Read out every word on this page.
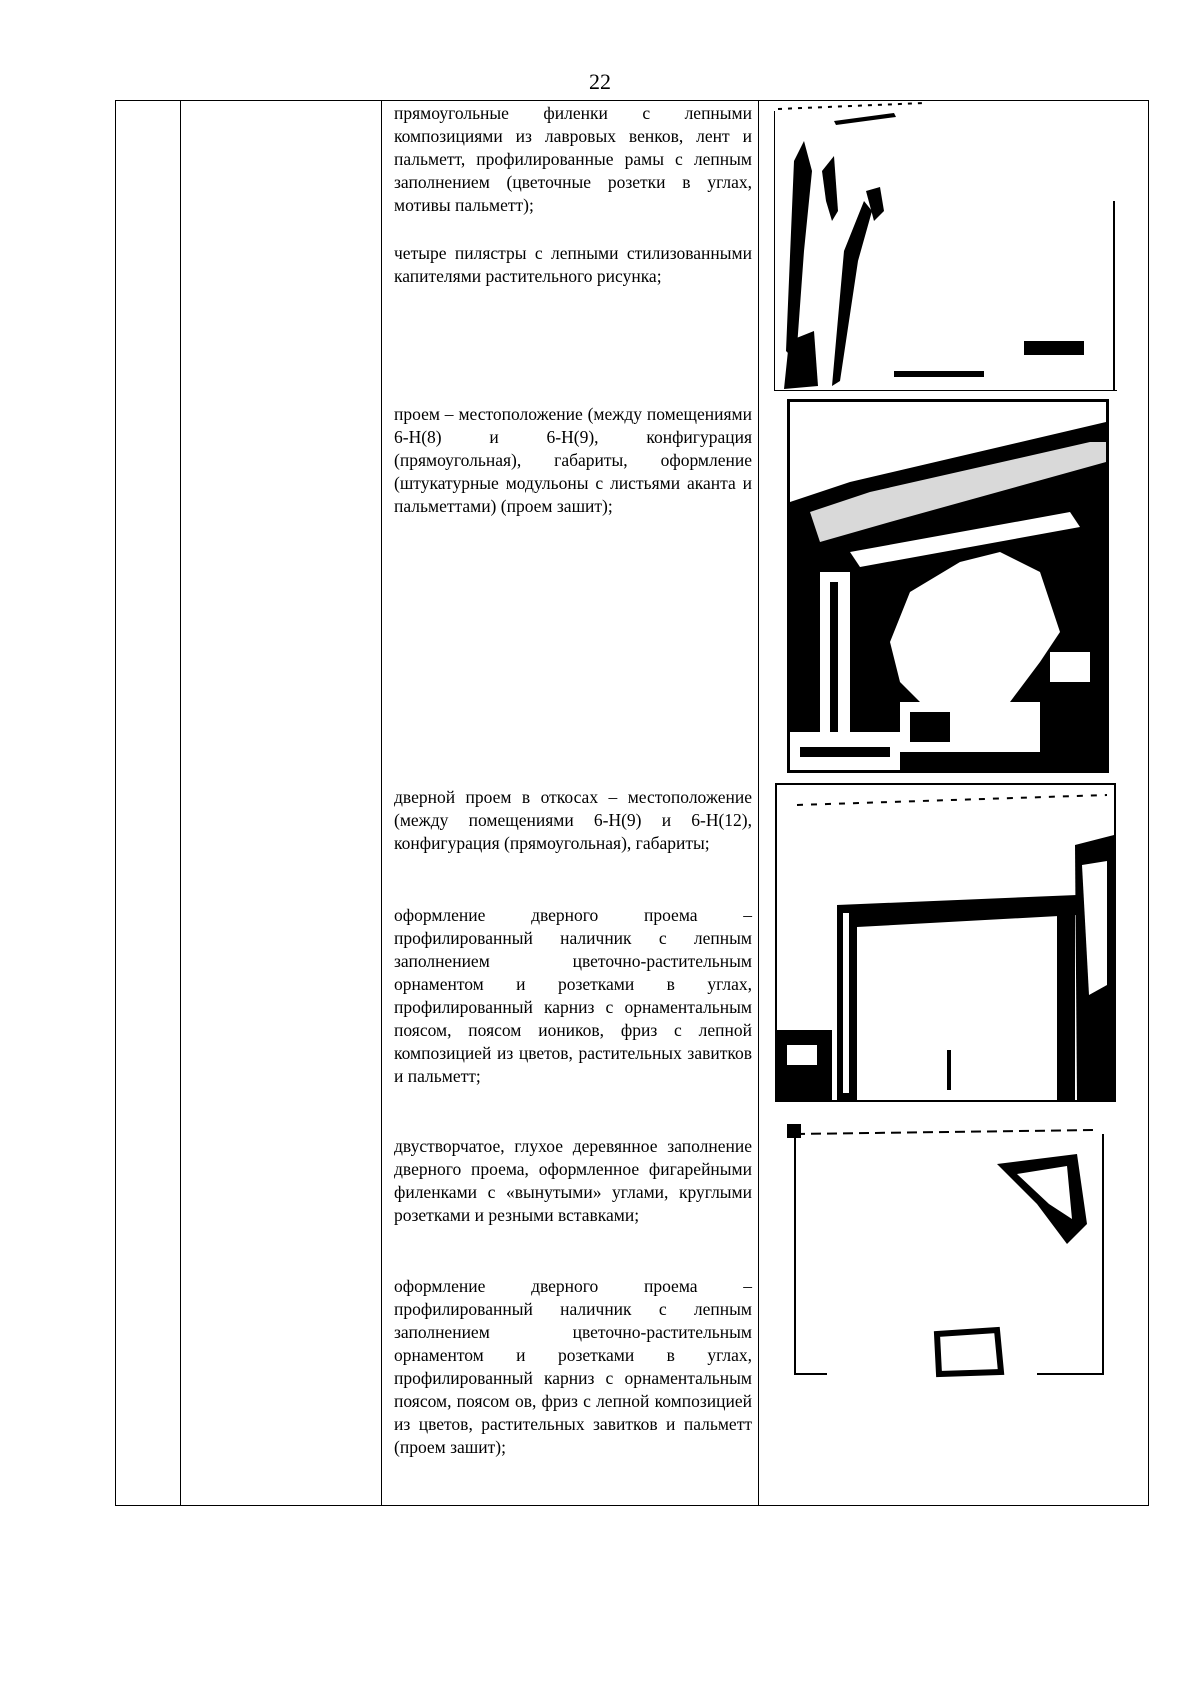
22

прямоугольные филенки с лепными композициями из лавровых венков, лент и пальметт, профилированные рамы с лепным заполнением (цветочные розетки в углах, мотивы пальметт);

четыре пилястры с лепными стилизованными капителями растительного рисунка;

проем – местоположение (между помещениями 6-Н(8) и 6-Н(9), конфигурация (прямоугольная), габариты, оформление (штукатурные модульоны с листьями аканта и пальметтами) (проем зашит);

дверной проем в откосах – местоположение (между помещениями 6-Н(9) и 6-Н(12), конфигурация (прямоугольная), габариты;

оформление дверного проема – профилированный наличник с лепным заполнением цветочно-растительным орнаментом и розетками в углах, профилированный карниз с орнаментальным поясом, поясом иоников, фриз с лепной композицией из цветов, растительных завитков и пальметт;

двустворчатое, глухое деревянное заполнение дверного проема, оформленное фигарейными филенками с «вынутыми» углами, круглыми розетками и резными вставками;

оформление дверного проема – профилированный наличник с лепным заполнением цветочно-растительным орнаментом и розетками в углах, профилированный карниз с орнаментальным поясом, поясом ов, фриз с лепной композицией из цветов, растительных завитков и пальметт (проем зашит);
